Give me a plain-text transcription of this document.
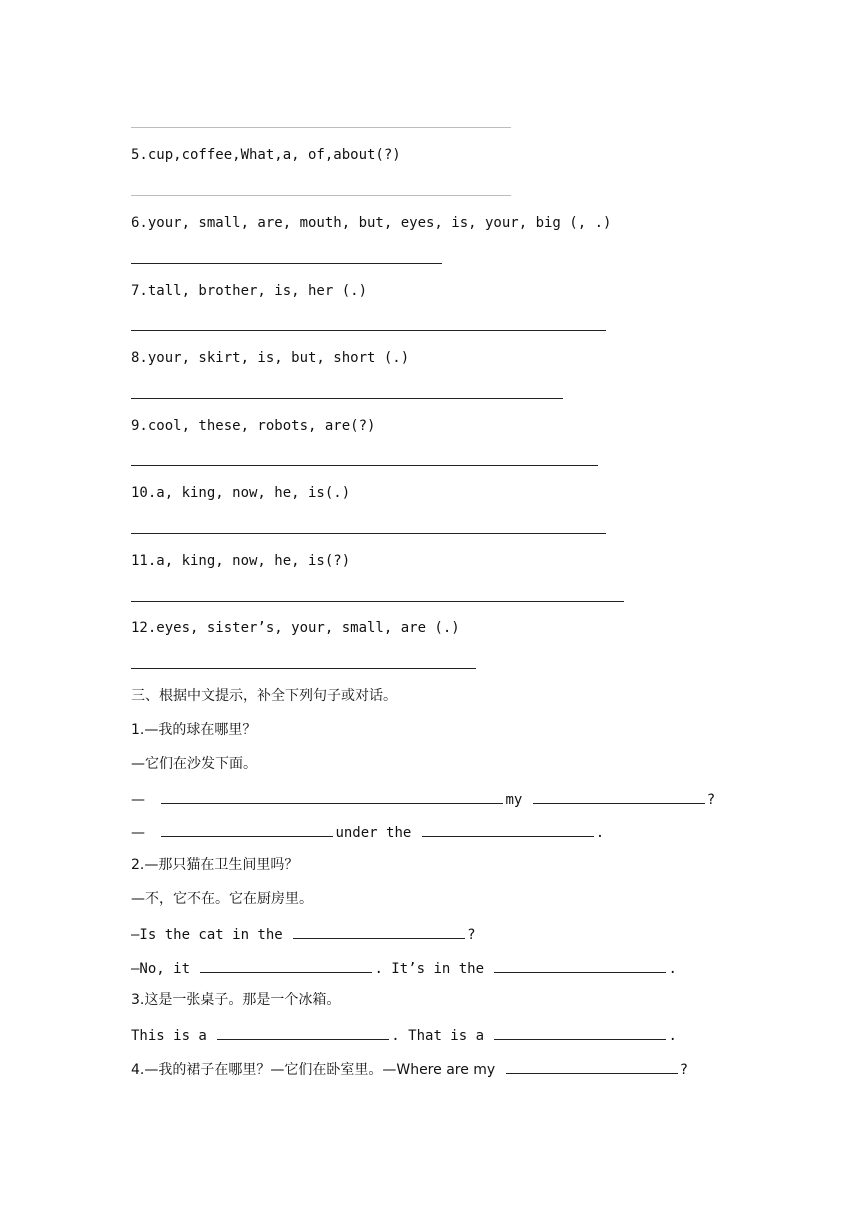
5.cup,coffee,What,a, of,about(?)
6.your, small, are, mouth, but, eyes, is, your, big (, .)
7.tall, brother, is, her (.)
8.your, skirt, is, but, short (.)
9.cool, these, robots, are(?)
10.a, king, now, he, is(.)
11.a, king, now, he, is(?)
12.eyes, sister’s, your, small, are (.)
三、根据中文提示，补全下列句子或对话。
1.—我的球在哪里？
—它们在沙发下面。
—	my	?
—	under the	.
2.—那只猫在卫生间里吗？
—不，它不在。它在厨房里。
—Is the cat in the	?
—No, it	. It’s in the	.
3.这是一张桌子。那是一个冰箱。
This is a	. That is a	.
4.—我的裙子在哪里？—它们在卧室里。—Where are my	?
